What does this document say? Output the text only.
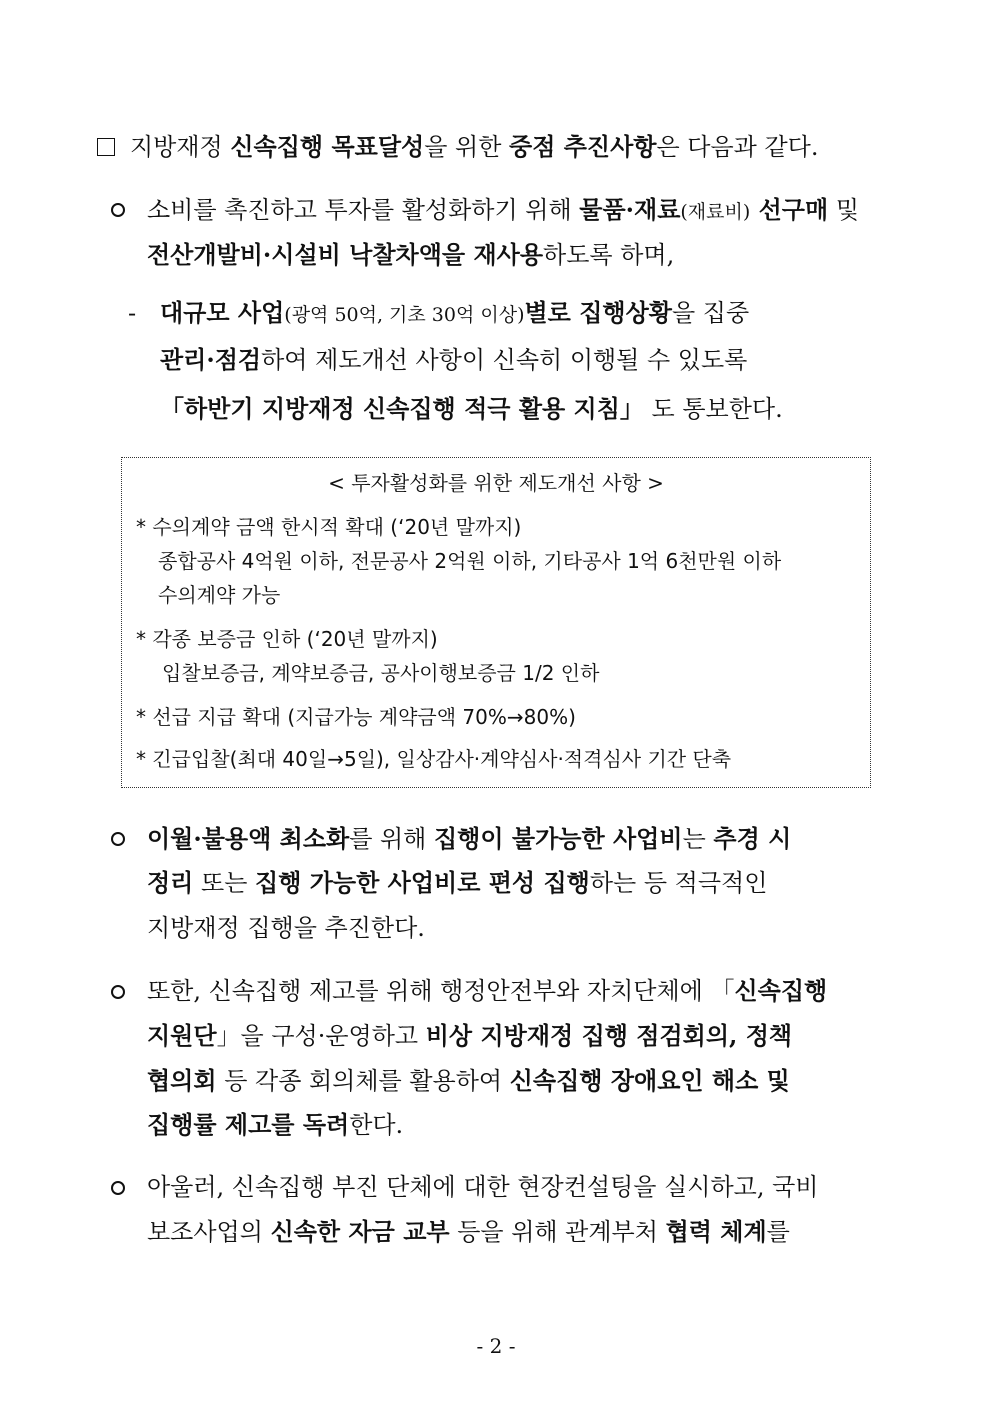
지방재정 신속집행 목표달성을 위한 중점 추진사항은 다음과 같다.
소비를 촉진하고 투자를 활성화하기 위해 물품·재료(재료비) 선구매 및
전산개발비·시설비 낙찰차액을 재사용하도록 하며,
- 대규모 사업(광역 50억, 기초 30억 이상)별로 집행상황을 집중
관리·점검하여 제도개선 사항이 신속히 이행될 수 있도록
「하반기 지방재정 신속집행 적극 활용 지침」 도 통보한다.
< 투자활성화를 위한 제도개선 사항 >
* 수의계약 금액 한시적 확대 (‘20년 말까지)
종합공사 4억원 이하, 전문공사 2억원 이하, 기타공사 1억 6천만원 이하
수의계약 가능
* 각종 보증금 인하 (‘20년 말까지)
입찰보증금, 계약보증금, 공사이행보증금 1/2 인하
* 선급 지급 확대 (지급가능 계약금액 70%→80%)
* 긴급입찰(최대 40일→5일), 일상감사·계약심사·적격심사 기간 단축
이월·불용액 최소화를 위해 집행이 불가능한 사업비는 추경 시
정리 또는 집행 가능한 사업비로 편성 집행하는 등 적극적인
지방재정 집행을 추진한다.
또한, 신속집행 제고를 위해 행정안전부와 자치단체에 「신속집행
지원단」을 구성·운영하고 비상 지방재정 집행 점검회의, 정책
협의회 등 각종 회의체를 활용하여 신속집행 장애요인 해소 및
집행률 제고를 독려한다.
아울러, 신속집행 부진 단체에 대한 현장컨설팅을 실시하고, 국비
보조사업의 신속한 자금 교부 등을 위해 관계부처 협력 체계를
- 2 -
